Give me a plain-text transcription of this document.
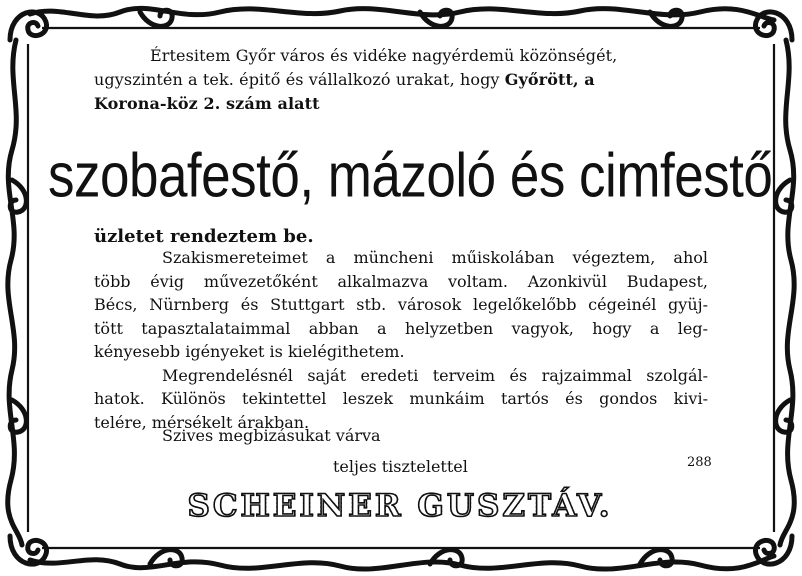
Értesitem Győr város és vidéke nagyérdemü közönségét,
ugyszintén a tek. épitő és vállalkozó urakat, hogy Győrött, a
Korona-köz 2. szám alatt
szobafestő, mázoló és cimfestő
üzletet rendeztem be.
Szakismereteimet a müncheni műiskolában végeztem, ahol
több évig művezetőként alkalmazva voltam. Azonkivül Budapest,
Bécs, Nürnberg és Stuttgart stb. városok legelőkelőbb cégeinél gyüj-
tött tapasztalataimmal abban a helyzetben vagyok, hogy a leg-
kényesebb igényeket is kielégithetem.
Megrendelésnél saját eredeti terveim és rajzaimmal szolgál-
hatok. Különös tekintettel leszek munkáim tartós és gondos kivi-
telére, mérsékelt árakban.
Szives megbizásukat várva
teljes tisztelettel	288
SCHEINER GUSZTÁV.
